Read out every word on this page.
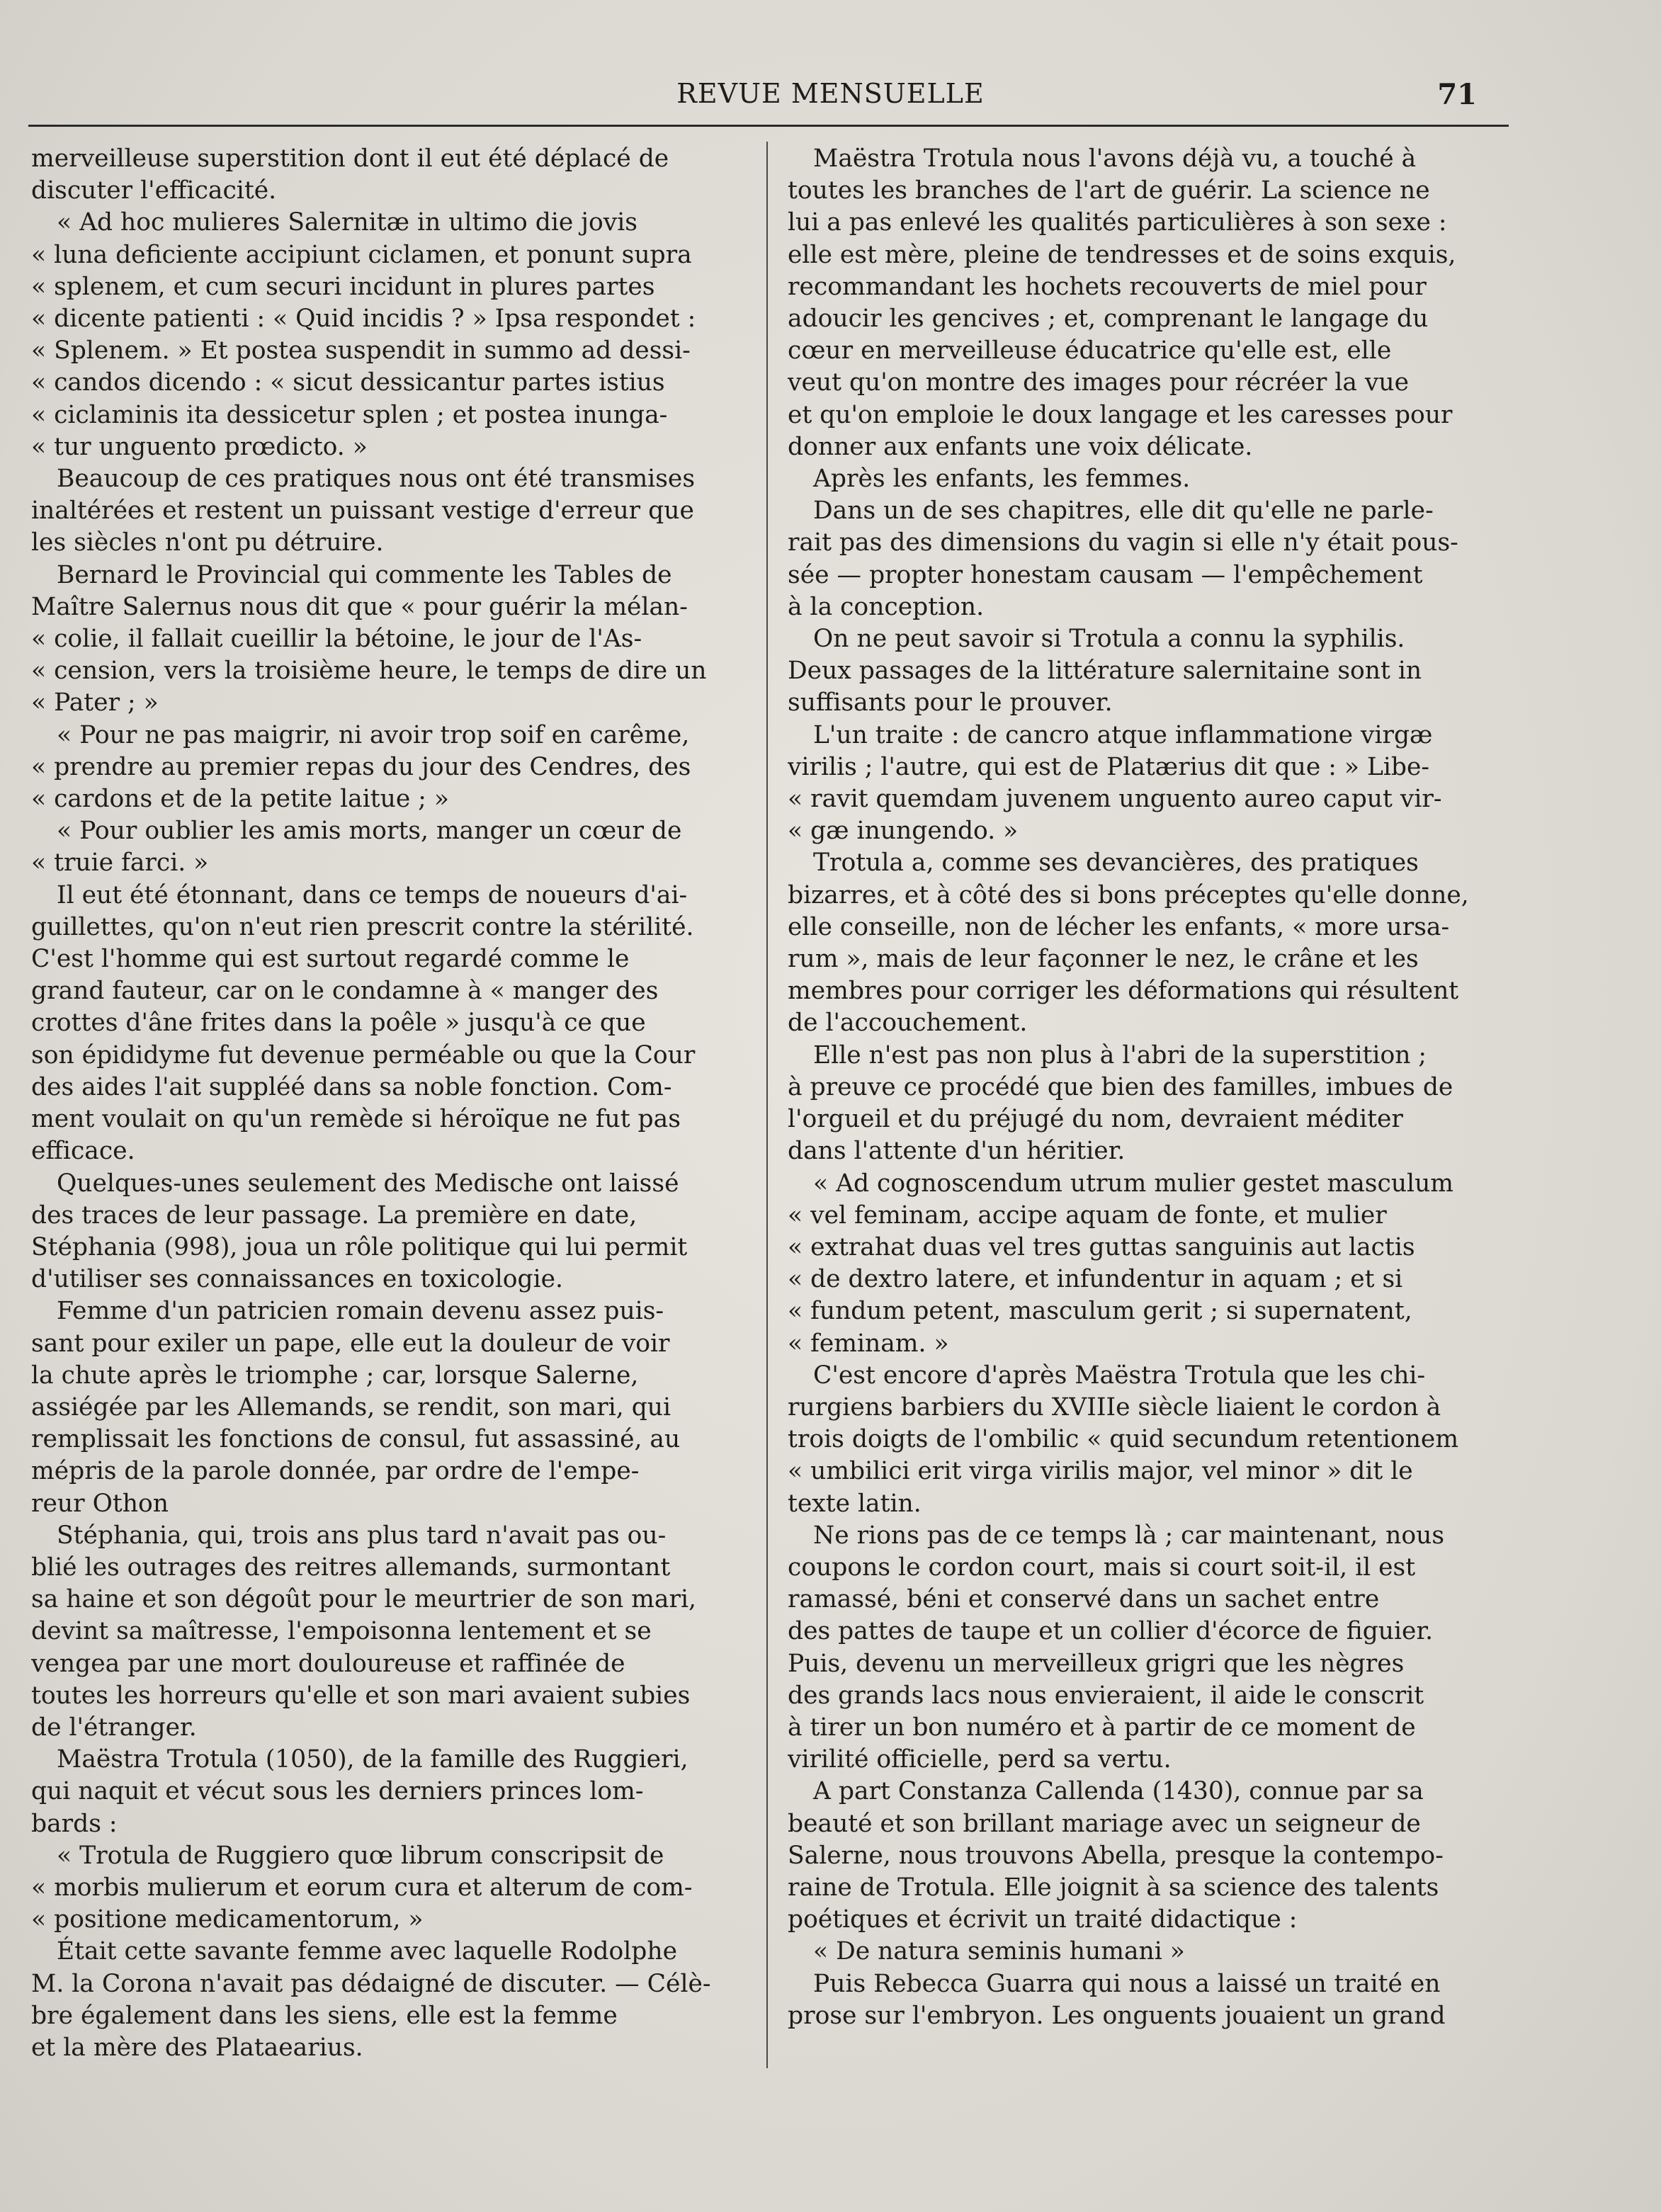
REVUE MENSUELLE	71

merveilleuse superstition dont il eut été déplacé de

discuter l'efficacité.

« Ad hoc mulieres Salernitæ in ultimo die jovis

« luna deficiente accipiunt ciclamen, et ponunt supra

« splenem, et cum securi incidunt in plures partes

« dicente patienti : « Quid incidis ? » Ipsa respondet :

« Splenem. » Et postea suspendit in summo ad dessi-

« candos dicendo : « sicut dessicantur partes istius

« ciclaminis ita dessicetur splen ; et postea inunga-

« tur unguento prœdicto. »

Beaucoup de ces pratiques nous ont été transmises

inaltérées et restent un puissant vestige d'erreur que

les siècles n'ont pu détruire.

Bernard le Provincial qui commente les Tables de

Maître Salernus nous dit que « pour guérir la mélan-

« colie, il fallait cueillir la bétoine, le jour de l'As-

« cension, vers la troisième heure, le temps de dire un

« Pater ; »

« Pour ne pas maigrir, ni avoir trop soif en carême,

« prendre au premier repas du jour des Cendres, des

« cardons et de la petite laitue ; »

« Pour oublier les amis morts, manger un cœur de

« truie farci. »

Il eut été étonnant, dans ce temps de noueurs d'ai-

guillettes, qu'on n'eut rien prescrit contre la stérilité.

C'est l'homme qui est surtout regardé comme le

grand fauteur, car on le condamne à « manger des

crottes d'âne frites dans la poêle » jusqu'à ce que

son épididyme fut devenue perméable ou que la Cour

des aides l'ait suppléé dans sa noble fonction. Com-

ment voulait on qu'un remède si héroïque ne fut pas

efficace.

Quelques-unes seulement des Medische ont laissé

des traces de leur passage. La première en date,

Stéphania (998), joua un rôle politique qui lui permit

d'utiliser ses connaissances en toxicologie.

Femme d'un patricien romain devenu assez puis-

sant pour exiler un pape, elle eut la douleur de voir

la chute après le triomphe ; car, lorsque Salerne,

assiégée par les Allemands, se rendit, son mari, qui

remplissait les fonctions de consul, fut assassiné, au

mépris de la parole donnée, par ordre de l'empe-

reur Othon

Stéphania, qui, trois ans plus tard n'avait pas ou-

blié les outrages des reitres allemands, surmontant

sa haine et son dégoût pour le meurtrier de son mari,

devint sa maîtresse, l'empoisonna lentement et se

vengea par une mort douloureuse et raffinée de

toutes les horreurs qu'elle et son mari avaient subies

de l'étranger.

Maëstra Trotula (1050), de la famille des Ruggieri,

qui naquit et vécut sous les derniers princes lom-

bards :

« Trotula de Ruggiero quœ librum conscripsit de

« morbis mulierum et eorum cura et alterum de com-

« positione medicamentorum, »

Était cette savante femme avec laquelle Rodolphe

M. la Corona n'avait pas dédaigné de discuter. — Célè-

bre également dans les siens, elle est la femme

et la mère des Plataearius.

Maëstra Trotula nous l'avons déjà vu, a touché à

toutes les branches de l'art de guérir. La science ne

lui a pas enlevé les qualités particulières à son sexe :

elle est mère, pleine de tendresses et de soins exquis,

recommandant les hochets recouverts de miel pour

adoucir les gencives ; et, comprenant le langage du

cœur en merveilleuse éducatrice qu'elle est, elle

veut qu'on montre des images pour récréer la vue

et qu'on emploie le doux langage et les caresses pour

donner aux enfants une voix délicate.

Après les enfants, les femmes.

Dans un de ses chapitres, elle dit qu'elle ne parle-

rait pas des dimensions du vagin si elle n'y était pous-

sée — propter honestam causam — l'empêchement

à la conception.

On ne peut savoir si Trotula a connu la syphilis.

Deux passages de la littérature salernitaine sont in

suffisants pour le prouver.

L'un traite : de cancro atque inflammatione virgæ

virilis ; l'autre, qui est de Platærius dit que : » Libe-

« ravit quemdam juvenem unguento aureo caput vir-

« gæ inungendo. »

Trotula a, comme ses devancières, des pratiques

bizarres, et à côté des si bons préceptes qu'elle donne,

elle conseille, non de lécher les enfants, « more ursa-

rum », mais de leur façonner le nez, le crâne et les

membres pour corriger les déformations qui résultent

de l'accouchement.

Elle n'est pas non plus à l'abri de la superstition ;

à preuve ce procédé que bien des familles, imbues de

l'orgueil et du préjugé du nom, devraient méditer

dans l'attente d'un héritier.

« Ad cognoscendum utrum mulier gestet masculum

« vel feminam, accipe aquam de fonte, et mulier

« extrahat duas vel tres guttas sanguinis aut lactis

« de dextro latere, et infundentur in aquam ; et si

« fundum petent, masculum gerit ; si supernatent,

« feminam. »

C'est encore d'après Maëstra Trotula que les chi-

rurgiens barbiers du XVIIIe siècle liaient le cordon à

trois doigts de l'ombilic « quid secundum retentionem

« umbilici erit virga virilis major, vel minor » dit le

texte latin.

Ne rions pas de ce temps là ; car maintenant, nous

coupons le cordon court, mais si court soit-il, il est

ramassé, béni et conservé dans un sachet entre

des pattes de taupe et un collier d'écorce de figuier.

Puis, devenu un merveilleux grigri que les nègres

des grands lacs nous envieraient, il aide le conscrit

à tirer un bon numéro et à partir de ce moment de

virilité officielle, perd sa vertu.

A part Constanza Callenda (1430), connue par sa

beauté et son brillant mariage avec un seigneur de

Salerne, nous trouvons Abella, presque la contempo-

raine de Trotula. Elle joignit à sa science des talents

poétiques et écrivit un traité didactique :

« De natura seminis humani »

Puis Rebecca Guarra qui nous a laissé un traité en

prose sur l'embryon. Les onguents jouaient un grand
